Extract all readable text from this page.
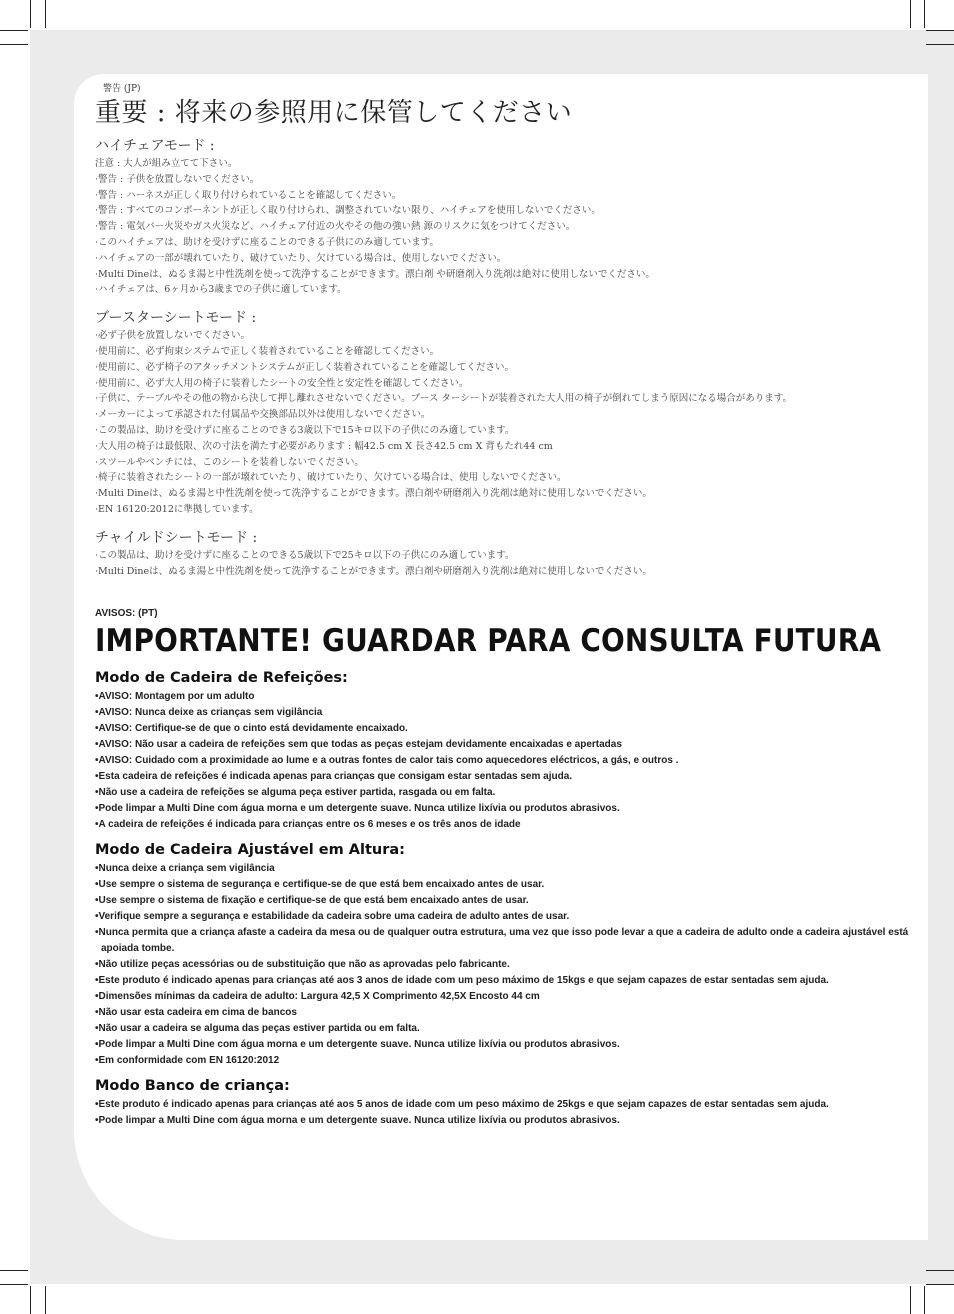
警告 (JP)
重要 : 将来の参照用に保管してください
ハイチェアモード :
注意 : 大人が組み立てて下さい。
·警告 : 子供を放置しないでください。
·警告 : ハーネスが正しく取り付けられていることを確認してください。
·警告 : すべてのコンポーネントが正しく取り付けられ、調整されていない限り、ハイチェアを使用しないでください。
·警告 : 電気バー火災やガス火災など、ハイチェア付近の火やその他の強い熱 源のリスクに気をつけてください。
·このハイチェアは、助けを受けずに座ることのできる子供にのみ適しています。
·ハイチェアの一部が壊れていたり、破けていたり、欠けている場合は、使用しないでください。
·Multi Dineは、ぬるま湯と中性洗剤を使って洗浄することができます。漂白剤 や研磨剤入り洗剤は絶対に使用しないでください。
·ハイチェアは、6ヶ月から3歳までの子供に適しています。
ブースターシートモード :
·必ず子供を放置しないでください。
·使用前に、必ず拘束システムで正しく装着されていることを確認してください。
·使用前に、必ず椅子のアタッチメントシステムが正しく装着されていることを確認してください。
·使用前に、必ず大人用の椅子に装着したシートの安全性と安定性を確認してください。
·子供に、テーブルやその他の物から決して押し離れさせないでください。ブース ターシートが装着された大人用の椅子が倒れてしまう原因になる場合があります。
·メーカーによって承認された付属品や交換部品以外は使用しないでください。
·この製品は、助けを受けずに座ることのできる3歳以下で15キロ以下の子供にのみ適しています。
·大人用の椅子は最低限、次の寸法を満たす必要があります : 幅42.5 cm X 長さ42.5 cm X 背もたれ44 cm
·スツールやベンチには、このシートを装着しないでください。
·椅子に装着されたシートの一部が壊れていたり、破けていたり、欠けている場合は、使用 しないでください。
·Multi Dineは、ぬるま湯と中性洗剤を使って洗浄することができます。漂白剤や研磨剤入り洗剤は絶対に使用しないでください。
·EN 16120:2012に準拠しています。
チャイルドシートモード :
·この製品は、助けを受けずに座ることのできる5歳以下で25キロ以下の子供にのみ適しています。
·Multi Dineは、ぬるま湯と中性洗剤を使って洗浄することができます。漂白剤や研磨剤入り洗剤は絶対に使用しないでください。
AVISOS: (PT)
IMPORTANTE! GUARDAR PARA CONSULTA FUTURA
Modo de Cadeira de Refeições:
•AVISO: Montagem por um adulto
•AVISO: Nunca deixe as crianças sem vigilância
•AVISO: Certifique-se de que o cinto está devidamente encaixado.
•AVISO: Não usar a cadeira de refeições sem que todas as peças estejam devidamente encaixadas e apertadas
•AVISO: Cuidado com a proximidade ao lume e a outras fontes de calor tais como aquecedores eléctricos, a gás, e outros .
•Esta cadeira de refeições é indicada apenas para crianças que consigam estar sentadas sem ajuda.
•Não use a cadeira de refeições se alguma peça estiver partida, rasgada ou em falta.
•Pode limpar a Multi Dine com água morna e um detergente suave. Nunca utilize lixívia ou produtos abrasivos.
•A cadeira de refeições é indicada para crianças entre os 6 meses e os três anos de idade
Modo de Cadeira Ajustável em Altura:
•Nunca deixe a criança sem vigilância
•Use sempre o sistema de segurança e certifique-se de que está bem encaixado antes de usar.
•Use sempre o sistema de fixação e certifique-se de que está bem encaixado antes de usar.
•Verifique sempre a segurança e estabilidade da cadeira sobre uma cadeira de adulto antes de usar.
•Nunca permita que a criança afaste a cadeira da mesa ou de qualquer outra estrutura, uma vez que isso pode levar a que a cadeira de adulto onde a cadeira ajustável está apoiada tombe.
•Não utilize peças acessórias ou de substituição que não as aprovadas pelo fabricante.
•Este produto é indicado apenas para crianças até aos 3 anos de idade com um peso máximo de 15kgs e que sejam capazes de estar sentadas sem ajuda.
•Dimensões mínimas da cadeira de adulto: Largura 42,5 X Comprimento 42,5X Encosto 44 cm
•Não usar esta cadeira em cima de bancos
•Não usar a cadeira se alguma das peças estiver partida ou em falta.
•Pode limpar a Multi Dine com água morna e um detergente suave. Nunca utilize lixívia ou produtos abrasivos.
•Em conformidade com EN 16120:2012
Modo Banco de criança:
•Este produto é indicado apenas para crianças até aos 5 anos de idade com um peso máximo de 25kgs e que sejam capazes de estar sentadas sem ajuda.
•Pode limpar a Multi Dine com água morna e um detergente suave. Nunca utilize lixívia ou produtos abrasivos.
